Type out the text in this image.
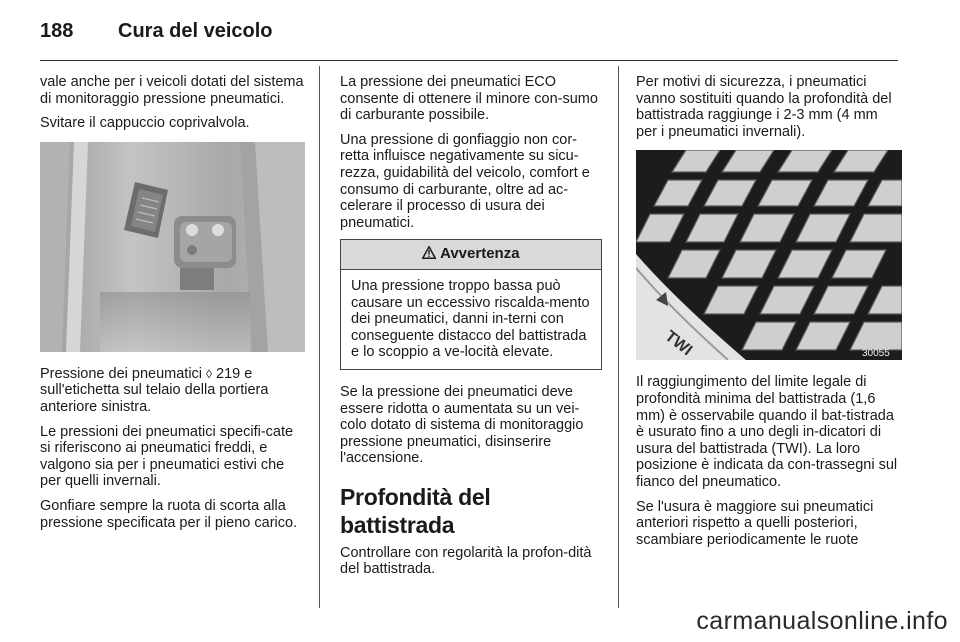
188	Cura del veicolo

vale anche per i veicoli dotati del sistema di monitoraggio pressione pneumatici.

Svitare il cappuccio coprivalvola.

Pressione dei pneumatici ◊ 219 e sull'etichetta sul telaio della portiera anteriore sinistra.

Le pressioni dei pneumatici specifi-cate si riferiscono ai pneumatici freddi, e valgono sia per i pneumatici estivi che per quelli invernali.

Gonfiare sempre la ruota di scorta alla pressione specificata per il pieno carico.

La pressione dei pneumatici ECO consente di ottenere il minore con-sumo di carburante possibile.

Una pressione di gonfiaggio non cor-retta influisce negativamente su sicu-rezza, guidabilità del veicolo, comfort e consumo di carburante, oltre ad ac-celerare il processo di usura dei pneumatici.

Avvertenza
Una pressione troppo bassa può causare un eccessivo riscalda-mento dei pneumatici, danni in-terni con conseguente distacco del battistrada e lo scoppio a ve-locità elevate.

Se la pressione dei pneumatici deve essere ridotta o aumentata su un vei-colo dotato di sistema di monitoraggio pressione pneumatici, disinserire l'accensione.

Profondità del battistrada

Controllare con regolarità la profon-dità del battistrada.

Per motivi di sicurezza, i pneumatici vanno sostituiti quando la profondità del battistrada raggiunge i 2-3 mm (4 mm per i pneumatici invernali).

TWI	30055

Il raggiungimento del limite legale di profondità minima del battistrada (1,6 mm) è osservabile quando il bat-tistrada è usurato fino a uno degli in-dicatori di usura del battistrada (TWI). La loro posizione è indicata da con-trassegni sul fianco del pneumatico.

Se l'usura è maggiore sui pneumatici anteriori rispetto a quelli posteriori, scambiare periodicamente le ruote

carmanualsonline.info
